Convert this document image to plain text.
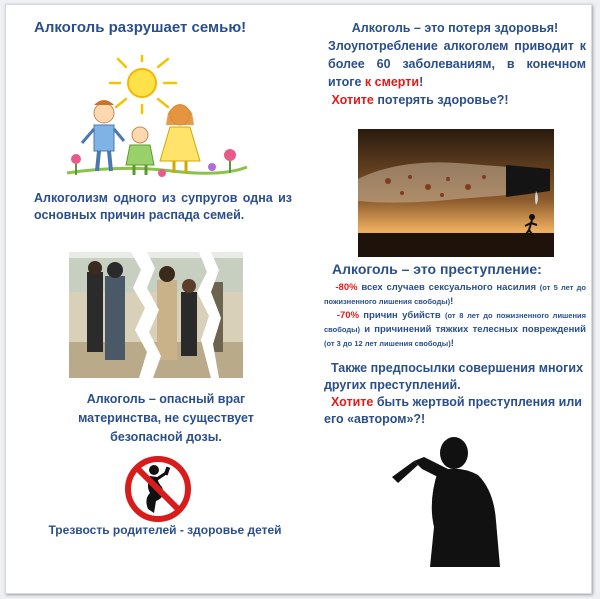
Алкоголь разрушает семью!
Алкоголизм одного из супругов одна из основных причин распада семей.
Алкоголь – опасный враг
материнства, не существует
безопасной дозы.
Трезвость родителей - здоровье детей
Алкоголь – это потеря здоровья!
Злоупотребление алкоголем приводит к более 60 заболеваниям, в конечном итоге к смерти!
Хотите потерять здоровье?!
Алкоголь – это преступление:

-80% всех случаев сексуального насилия (от 5 лет до пожизненного лишения свободы)!

-70% причин убийств (от 8 лет до пожизненного лишения свободы) и причинений тяжких телесных повреждений (от 3 до 12 лет лишения свободы)!

Также предпосылки совершения многих других преступлений.

Хотите быть жертвой преступления или его «автором»?!
